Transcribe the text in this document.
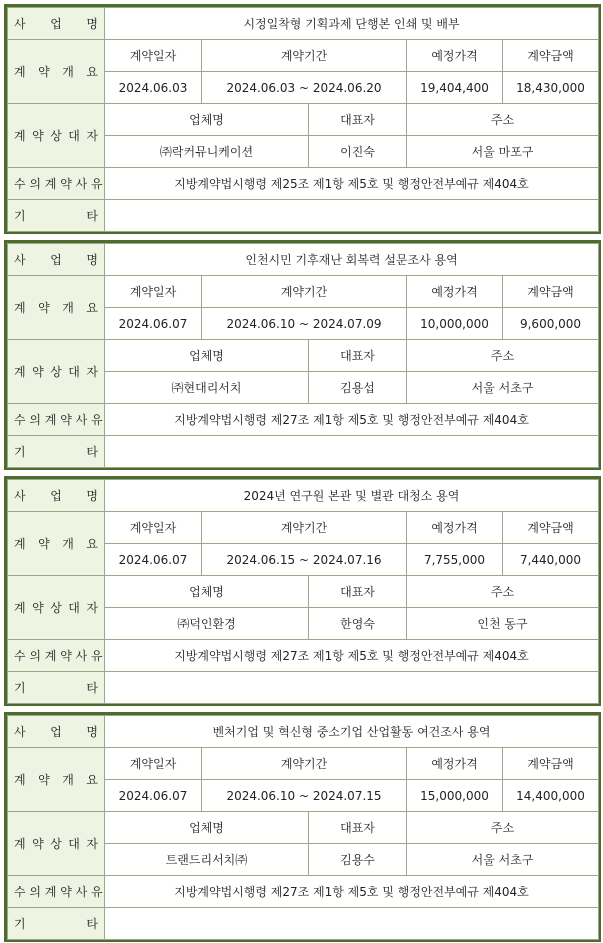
사 업 명	시정일착형 기획과제 단행본 인쇄 및 배부				
계 약 개 요	계약일자	계약기간		예정가격	계약금액
	2024.06.03	2024.06.03 ~ 2024.06.20		19,404,400	18,430,000
계 약 상 대 자	업체명		대표자	주소	
	㈜락커뮤니케이션		이진숙	서울 마포구	
수 의 계 약 사 유	지방계약법시행령 제25조 제1항 제5호 및 행정안전부예규 제404호				
기 타					
사 업 명	인천시민 기후재난 회복력 설문조사 용역				
계 약 개 요	계약일자	계약기간		예정가격	계약금액
	2024.06.07	2024.06.10 ~ 2024.07.09		10,000,000	9,600,000
계 약 상 대 자	업체명		대표자	주소	
	㈜현대리서치		김용섭	서울 서초구	
수 의 계 약 사 유	지방계약법시행령 제27조 제1항 제5호 및 행정안전부예규 제404호				
기 타					
사 업 명	2024년 연구원 본관 및 별관 대청소 용역				
계 약 개 요	계약일자	계약기간		예정가격	계약금액
	2024.06.07	2024.06.15 ~ 2024.07.16		7,755,000	7,440,000
계 약 상 대 자	업체명		대표자	주소	
	㈜덕인환경		한영숙	인천 동구	
수 의 계 약 사 유	지방계약법시행령 제27조 제1항 제5호 및 행정안전부예규 제404호				
기 타					
사 업 명	벤처기업 및 혁신형 중소기업 산업활동 여건조사 용역				
계 약 개 요	계약일자	계약기간		예정가격	계약금액
	2024.06.07	2024.06.10 ~ 2024.07.15		15,000,000	14,400,000
계 약 상 대 자	업체명		대표자	주소	
	트랜드리서치㈜		김용수	서울 서초구	
수 의 계 약 사 유	지방계약법시행령 제27조 제1항 제5호 및 행정안전부예규 제404호				
기 타					
